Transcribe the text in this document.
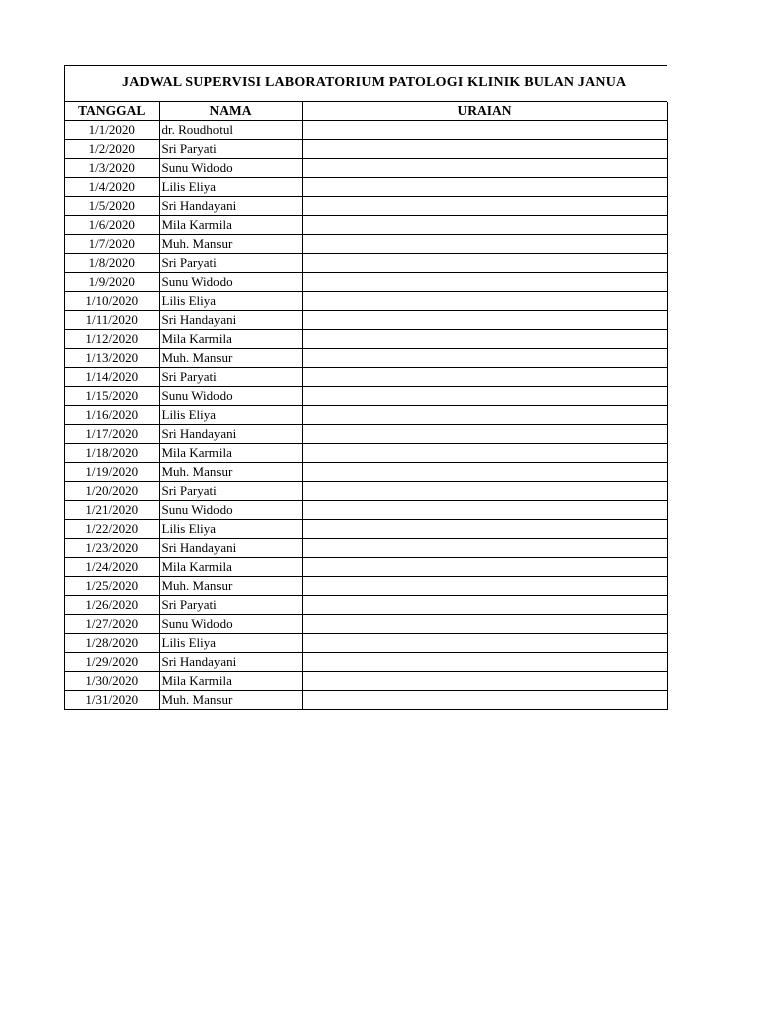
JADWAL SUPERVISI LABORATORIUM PATOLOGI KLINIK BULAN JANUA
TANGGAL	NAMA	URAIAN
1/1/2020	dr. Roudhotul	
1/2/2020	Sri Paryati	
1/3/2020	Sunu Widodo	
1/4/2020	Lilis Eliya	
1/5/2020	Sri Handayani	
1/6/2020	Mila Karmila	
1/7/2020	Muh. Mansur	
1/8/2020	Sri Paryati	
1/9/2020	Sunu Widodo	
1/10/2020	Lilis Eliya	
1/11/2020	Sri Handayani	
1/12/2020	Mila Karmila	
1/13/2020	Muh. Mansur	
1/14/2020	Sri Paryati	
1/15/2020	Sunu Widodo	
1/16/2020	Lilis Eliya	
1/17/2020	Sri Handayani	
1/18/2020	Mila Karmila	
1/19/2020	Muh. Mansur	
1/20/2020	Sri Paryati	
1/21/2020	Sunu Widodo	
1/22/2020	Lilis Eliya	
1/23/2020	Sri Handayani	
1/24/2020	Mila Karmila	
1/25/2020	Muh. Mansur	
1/26/2020	Sri Paryati	
1/27/2020	Sunu Widodo	
1/28/2020	Lilis Eliya	
1/29/2020	Sri Handayani	
1/30/2020	Mila Karmila	
1/31/2020	Muh. Mansur	
